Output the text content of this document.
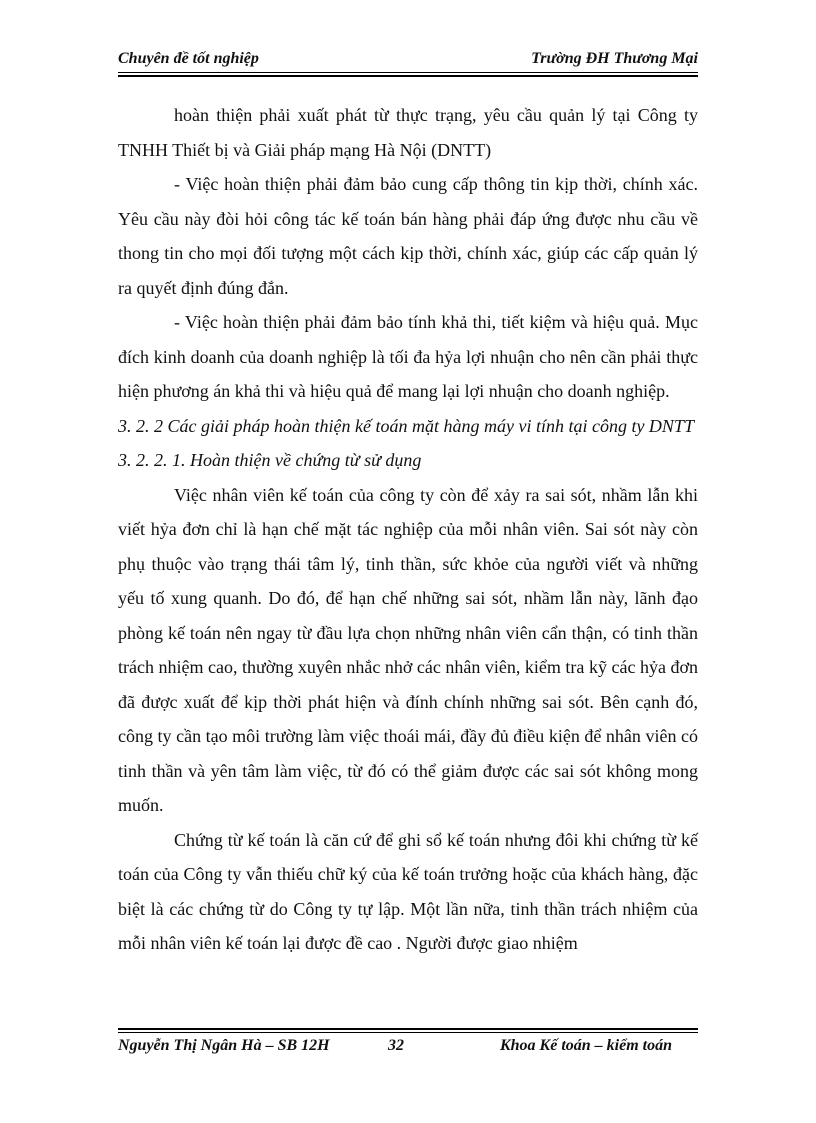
Chuyên đề tốt nghiệp	Trường ĐH Thương Mại

hoàn thiện phải xuất phát từ thực trạng, yêu cầu quản lý tại Công ty TNHH Thiết bị và Giải pháp mạng Hà Nội (DNTT)

- Việc hoàn thiện phải đảm bảo cung cấp thông tin kịp thời, chính xác. Yêu cầu này đòi hỏi công tác kế toán bán hàng phải đáp ứng được nhu cầu về thong tin cho mọi đối tượng một cách kịp thời, chính xác, giúp các cấp quản lý ra quyết định đúng đắn.

- Việc hoàn thiện phải đảm bảo tính khả thi, tiết kiệm và hiệu quả. Mục đích kinh doanh của doanh nghiệp là tối đa hỷa lợi nhuận cho nên cần phải thực hiện phương án khả thi và hiệu quả để mang lại lợi nhuận cho doanh nghiệp.

3. 2. 2 Các giải pháp hoàn thiện kế toán mặt hàng máy vi tính tại công ty DNTT

3. 2. 2. 1. Hoàn thiện về chứng từ sử dụng

Việc nhân viên kế toán của công ty còn để xảy ra sai sót, nhầm lẫn khi viết hỷa đơn chỉ là hạn chế mặt tác nghiệp của mỗi nhân viên. Sai sót này còn phụ thuộc vào trạng thái tâm lý, tinh thần, sức khỏe của người viết và những yếu tố xung quanh. Do đó, để hạn chế những sai sót, nhầm lẫn này, lãnh đạo phòng kế toán nên ngay từ đầu lựa chọn những nhân viên cẩn thận, có tinh thần trách nhiệm cao, thường xuyên nhắc nhở các nhân viên, kiểm tra kỹ các hỷa đơn đã được xuất để kịp thời phát hiện và đính chính những sai sót. Bên cạnh đó, công ty cần tạo môi trường làm việc thoái mái, đầy đủ điều kiện để nhân viên có tinh thần và yên tâm làm việc, từ đó có thể giảm được các sai sót không mong muốn.

Chứng từ kế toán là căn cứ để ghi sổ kế toán nhưng đôi khi chứng từ kế toán của Công ty vẫn thiếu chữ ký của kế toán trưởng hoặc của khách hàng, đặc biệt là các chứng từ do Công ty tự lập. Một lần nữa, tinh thần trách nhiệm của mỗi nhân viên kế toán lại được đề cao . Người được giao nhiệm

Nguyễn Thị Ngân Hà – SB 12H	32	Khoa Kế toán – kiểm toán
